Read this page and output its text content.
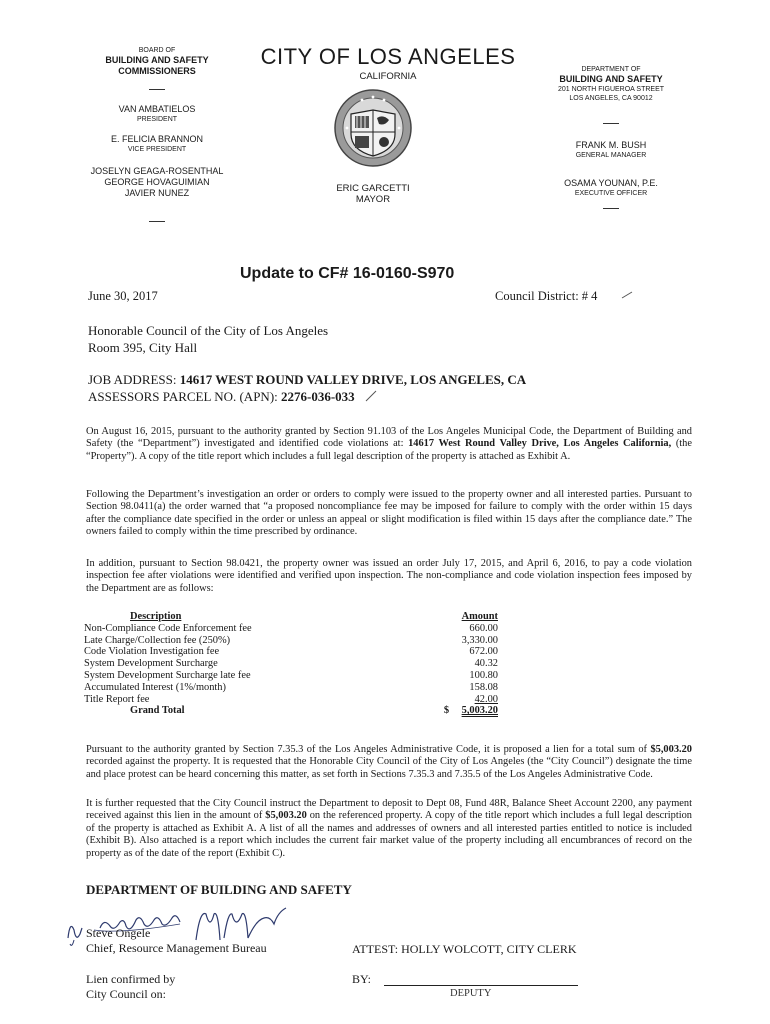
BOARD OF
BUILDING AND SAFETY
COMMISSIONERS
VAN AMBATIELOS
PRESIDENT
E. FELICIA BRANNON
VICE PRESIDENT
JOSELYN GEAGA-ROSENTHAL
GEORGE HOVAGUIMIAN
JAVIER NUNEZ
CITY OF LOS ANGELES
CALIFORNIA
ERIC GARCETTI
MAYOR
DEPARTMENT OF
BUILDING AND SAFETY
201 NORTH FIGUEROA STREET
LOS ANGELES, CA 90012
FRANK M. BUSH
GENERAL MANAGER
OSAMA YOUNAN, P.E.
EXECUTIVE OFFICER
Update to CF# 16-0160-S970
June 30, 2017	Council District: # 4
Honorable Council of the City of Los Angeles
Room 395, City Hall
JOB ADDRESS: 14617 WEST ROUND VALLEY DRIVE, LOS ANGELES, CA
ASSESSORS PARCEL NO. (APN): 2276-036-033
On August 16, 2015, pursuant to the authority granted by Section 91.103 of the Los Angeles Municipal Code, the Department of Building and Safety (the “Department”) investigated and identified code violations at: 14617 West Round Valley Drive, Los Angeles California, (the “Property”). A copy of the title report which includes a full legal description of the property is attached as Exhibit A.
Following the Department’s investigation an order or orders to comply were issued to the property owner and all interested parties. Pursuant to Section 98.0411(a) the order warned that “a proposed noncompliance fee may be imposed for failure to comply with the order within 15 days after the compliance date specified in the order or unless an appeal or slight modification is filed within 15 days after the compliance date.” The owners failed to comply within the time prescribed by ordinance.
In addition, pursuant to Section 98.0421, the property owner was issued an order July 17, 2015, and April 6, 2016, to pay a code violation inspection fee after violations were identified and verified upon inspection. The non-compliance and code violation inspection fees imposed by the Department are as follows:
Description	Amount
Non-Compliance Code Enforcement fee	660.00
Late Charge/Collection fee (250%)	3,330.00
Code Violation Investigation fee	672.00
System Development Surcharge	40.32
System Development Surcharge late fee	100.80
Accumulated Interest (1%/month)	158.08
Title Report fee	42.00
Grand Total	$ 5,003.20
Pursuant to the authority granted by Section 7.35.3 of the Los Angeles Administrative Code, it is proposed a lien for a total sum of $5,003.20 recorded against the property. It is requested that the Honorable City Council of the City of Los Angeles (the “City Council”) designate the time and place protest can be heard concerning this matter, as set forth in Sections 7.35.3 and 7.35.5 of the Los Angeles Administrative Code.
It is further requested that the City Council instruct the Department to deposit to Dept 08, Fund 48R, Balance Sheet Account 2200, any payment received against this lien in the amount of $5,003.20 on the referenced property. A copy of the title report which includes a full legal description of the property is attached as Exhibit A. A list of all the names and addresses of owners and all interested parties entitled to notice is included (Exhibit B). Also attached is a report which includes the current fair market value of the property including all encumbrances of record on the property as of the date of the report (Exhibit C).
DEPARTMENT OF BUILDING AND SAFETY
Steve Ongele
Chief, Resource Management Bureau	ATTEST: HOLLY WOLCOTT, CITY CLERK
Lien confirmed by
City Council on:
BY:
DEPUTY
